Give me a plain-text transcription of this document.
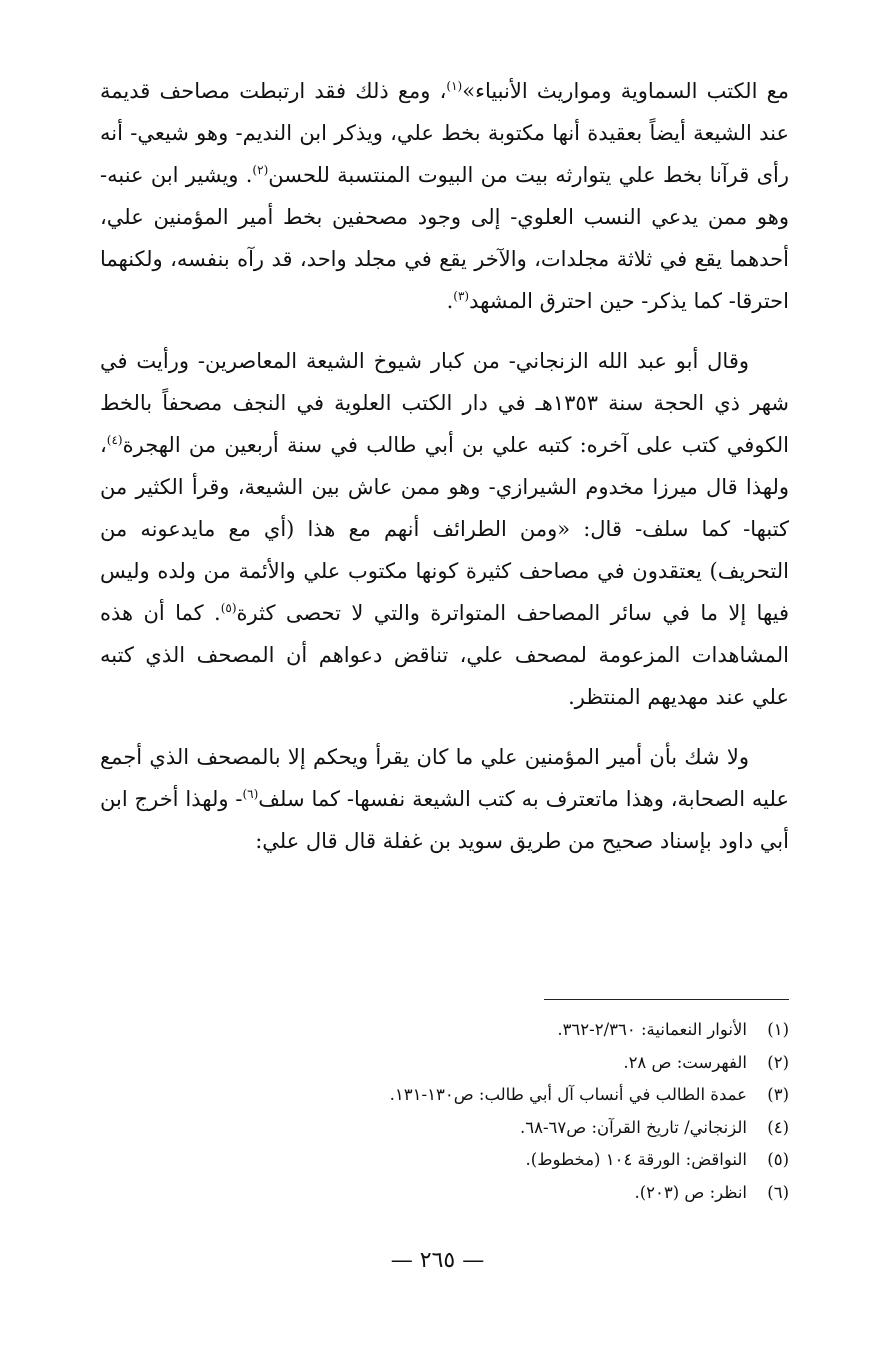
مع الكتب السماوية ومواريث الأنبياء»$^{(١)}$، ومع ذلك فقد ارتبطت مصاحف قديمة عند الشيعة أيضاً بعقيدة أنها مكتوبة بخط علي، ويذكر ابن النديم- وهو شيعي- أنه رأى قرآنا بخط علي يتوارثه بيت من البيوت المنتسبة للحسن$^{(٢)}$. ويشير ابن عنبه- وهو ممن يدعي النسب العلوي- إلى وجود مصحفين بخط أمير المؤمنين علي، أحدهما يقع في ثلاثة مجلدات، والآخر يقع في مجلد واحد، قد رآه بنفسه، ولكنهما احترقا- كما يذكر- حين احترق المشهد$^{(٣)}$.

وقال أبو عبد الله الزنجاني- من كبار شيوخ الشيعة المعاصرين- ورأيت في شهر ذي الحجة سنة ١٣٥٣هـ في دار الكتب العلوية في النجف مصحفاً بالخط الكوفي كتب على آخره: كتبه علي بن أبي طالب في سنة أربعين من الهجرة$^{(٤)}$، ولهذا قال ميرزا مخدوم الشيرازي- وهو ممن عاش بين الشيعة، وقرأ الكثير من كتبها- كما سلف- قال: «ومن الطرائف أنهم مع هذا (أي مع مايدعونه من التحريف) يعتقدون في مصاحف كثيرة كونها مكتوب علي والأئمة من ولده وليس فيها إلا ما في سائر المصاحف المتواترة والتي لا تحصى كثرة$^{(٥)}$. كما أن هذه المشاهدات المزعومة لمصحف علي، تناقض دعواهم أن المصحف الذي كتبه علي عند مهديهم المنتظر.

ولا شك بأن أمير المؤمنين علي ما كان يقرأ ويحكم إلا بالمصحف الذي أجمع عليه الصحابة، وهذا ماتعترف به كتب الشيعة نفسها- كما سلف$^{(٦)}$- ولهذا أخرج ابن أبي داود بإسناد صحيح من طريق سويد بن غفلة قال قال علي:

(١)
الأنوار النعمانية: ٢/٣٦٠-٣٦٢.
(٢)
الفهرست: ص ٢٨.
(٣)
عمدة الطالب في أنساب آل أبي طالب: ص١٣٠-١٣١.
(٤)
الزنجاني/ تاريخ القرآن: ص٦٧-٦٨.
(٥)
النواقض: الورقة ١٠٤ (مخطوط).
(٦)
انظر: ص (٢٠٣).
— ٢٦٥ —
